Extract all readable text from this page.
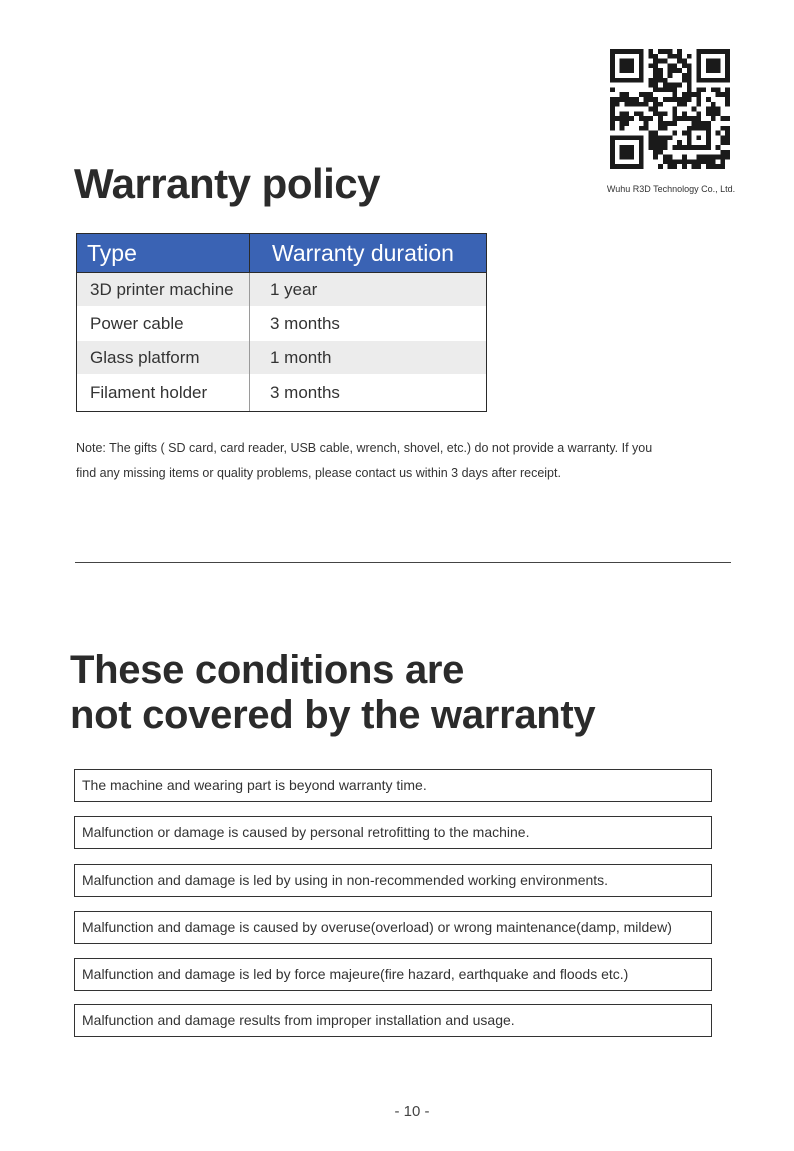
Wuhu R3D Technology Co., Ltd.
Warranty policy
Type	Warranty duration
3D printer machine	1 year
Power cable	3 months
Glass platform	1 month
Filament holder	3 months
Note: The gifts ( SD card, card reader, USB cable, wrench, shovel, etc.) do not provide a warranty. If you
find any missing items or quality problems, please contact us within 3 days after receipt.
These conditions are
not covered by the warranty
The machine and wearing part is beyond warranty time.
Malfunction or damage is caused by personal retrofitting to the machine.
Malfunction and damage is led by using in non-recommended working environments.
Malfunction and damage is caused by overuse(overload) or wrong maintenance(damp, mildew)
Malfunction and damage is led by force majeure(fire hazard, earthquake and floods etc.)
Malfunction and damage results from improper installation and usage.
- 10 -
